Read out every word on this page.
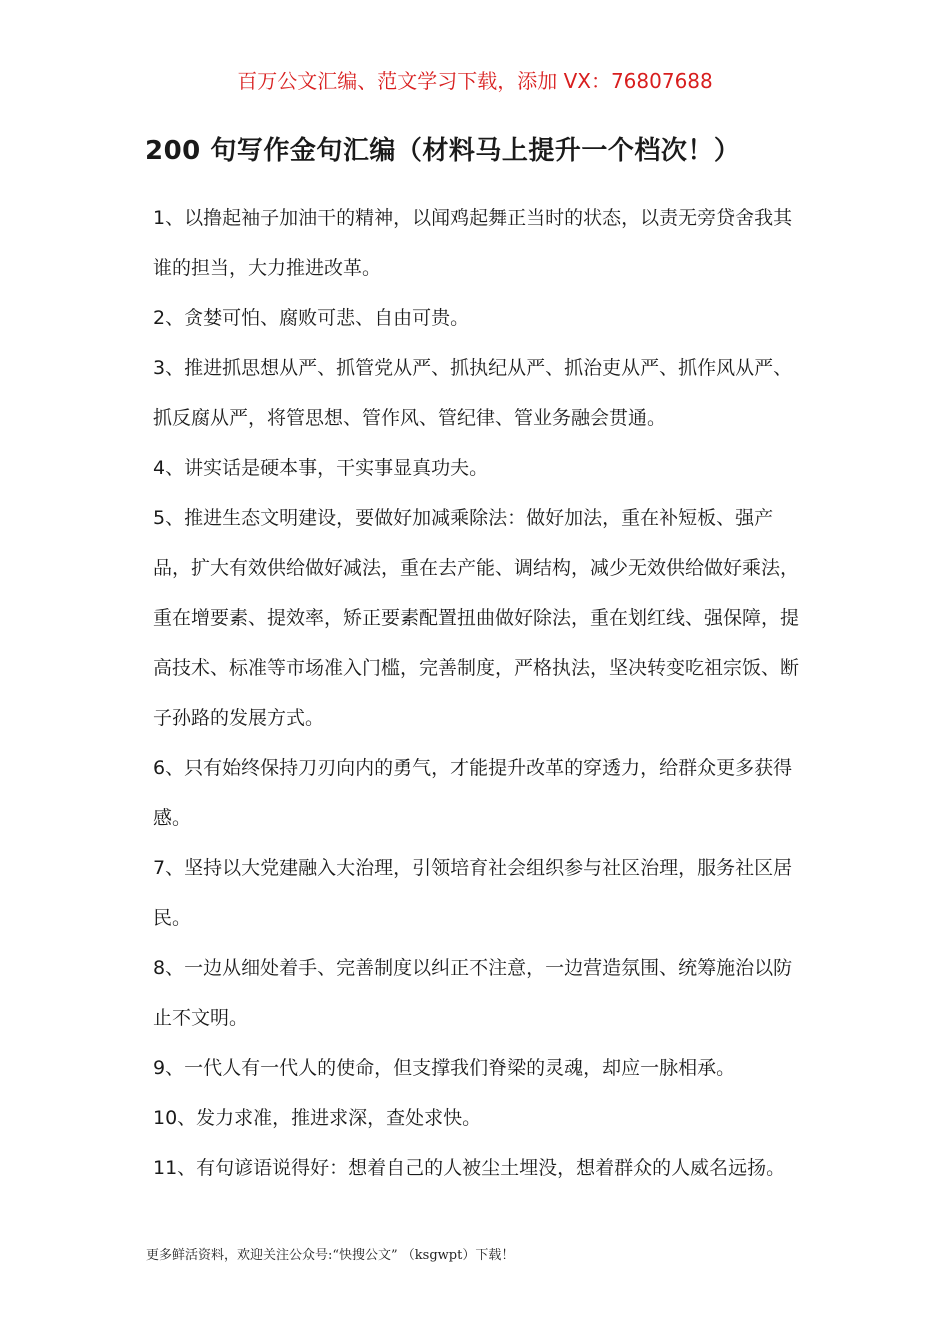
百万公文汇编、范文学习下载，添加 VX：76807688
200 句写作金句汇编（材料马上提升一个档次！）

1、以撸起袖子加油干的精神，以闻鸡起舞正当时的状态，以责无旁贷舍我其谁的担当，大力推进改革。

2、贪婪可怕、腐败可悲、自由可贵。

3、推进抓思想从严、抓管党从严、抓执纪从严、抓治吏从严、抓作风从严、抓反腐从严，将管思想、管作风、管纪律、管业务融会贯通。

4、讲实话是硬本事，干实事显真功夫。

5、推进生态文明建设，要做好加减乘除法：做好加法，重在补短板、强产品，扩大有效供给做好减法，重在去产能、调结构，减少无效供给做好乘法，重在增要素、提效率，矫正要素配置扭曲做好除法，重在划红线、强保障，提高技术、标准等市场准入门槛，完善制度，严格执法，坚决转变吃祖宗饭、断子孙路的发展方式。

6、只有始终保持刀刃向内的勇气，才能提升改革的穿透力，给群众更多获得感。

7、坚持以大党建融入大治理，引领培育社会组织参与社区治理，服务社区居民。

8、一边从细处着手、完善制度以纠正不注意，一边营造氛围、统筹施治以防止不文明。

9、一代人有一代人的使命，但支撑我们脊梁的灵魂，却应一脉相承。

10、发力求准，推进求深，查处求快。

11、有句谚语说得好：想着自己的人被尘土埋没，想着群众的人威名远扬。

更多鲜活资料，欢迎关注公众号:“快搜公文” （ksgwpt）下载！
